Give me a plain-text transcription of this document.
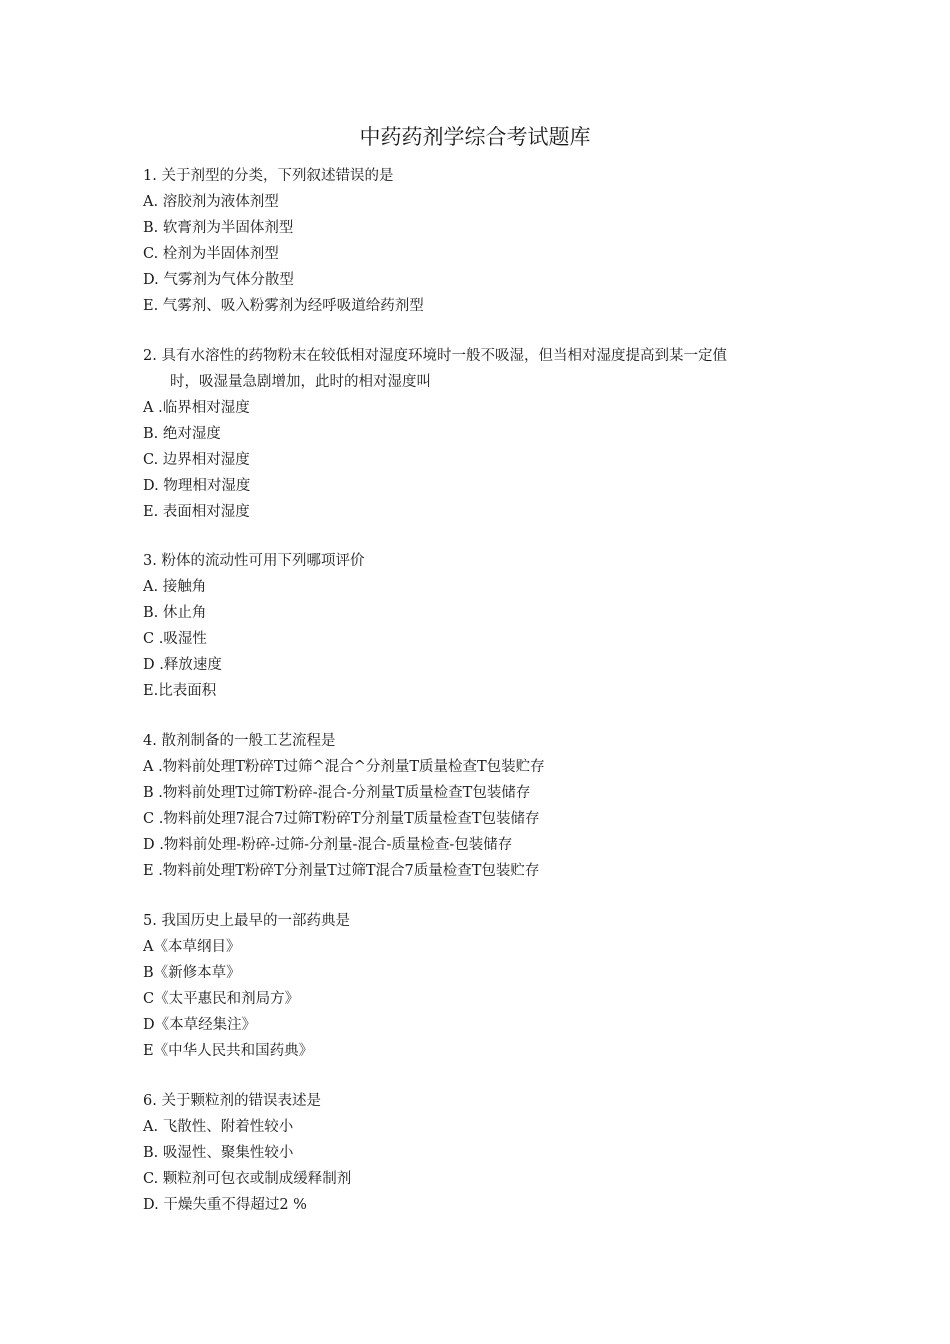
中药药剂学综合考试题库
1. 关于剂型的分类，下列叙述错误的是
A. 溶胶剂为液体剂型
B. 软膏剂为半固体剂型
C. 栓剂为半固体剂型
D. 气雾剂为气体分散型
E. 气雾剂、吸入粉雾剂为经呼吸道给药剂型
2. 具有水溶性的药物粉末在较低相对湿度环境时一般不吸湿，但当相对湿度提高到某一定值
时，吸湿量急剧增加，此时的相对湿度叫
A .临界相对湿度
B. 绝对湿度
C. 边界相对湿度
D. 物理相对湿度
E. 表面相对湿度
3. 粉体的流动性可用下列哪项评价
A. 接触角
B. 休止角
C .吸湿性
D .释放速度
E.比表面积
4. 散剂制备的一般工艺流程是
A .物料前处理T粉碎T过筛^混合^分剂量T质量检查T包装贮存
B .物料前处理T过筛T粉碎-混合-分剂量T质量检查T包装储存
C .物料前处理7混合7过筛T粉碎T分剂量T质量检查T包装储存
D .物料前处理-粉碎-过筛-分剂量-混合-质量检查-包装储存
E .物料前处理T粉碎T分剂量T过筛T混合7质量检查T包装贮存
5. 我国历史上最早的一部药典是
A《本草纲目》
B《新修本草》
C《太平惠民和剂局方》
D《本草经集注》
E《中华人民共和国药典》
6. 关于颗粒剂的错误表述是
A. 飞散性、附着性较小
B. 吸湿性、聚集性较小
C. 颗粒剂可包衣或制成缓释制剂
D. 干燥失重不得超过2 %
